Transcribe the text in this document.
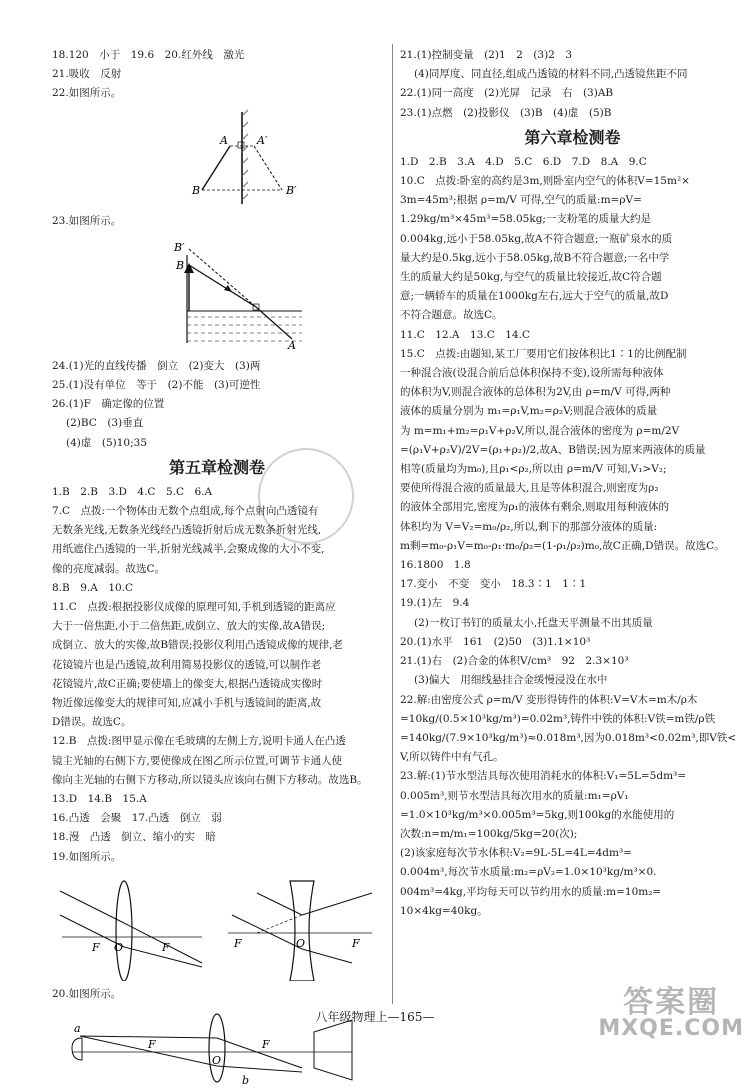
18.120　小于　19.6　20.红外线　激光
21.吸收　反射
22.如图所示。
A	A′
B	B′
23.如图所示。
B′
B
A
24.(1)光的直线传播　倒立　(2)变大　(3)两
25.(1)没有单位　等于　(2)不能　(3)可逆性
26.(1)F　确定像的位置
(2)BC　(3)垂直
(4)虚　(5)10;35
第五章检测卷
1.B　2.B　3.D　4.C　5.C　6.A
7.C　点拨:一个物体由无数个点组成,每个点射向凸透镜有
无数条光线,无数条光线经凸透镜折射后成无数条折射光线,
用纸遮住凸透镜的一半,折射光线减半,会聚成像的大小不变,
像的亮度减弱。故选C。
8.B　9.A　10.C
11.C　点拨:根据投影仪成像的原理可知,手机到透镜的距离应
大于一倍焦距,小于二倍焦距,成倒立、放大的实像,故A错误;
成倒立、放大的实像,故B错误;投影仪利用凸透镜成像的规律,老
花镜镜片也是凸透镜,故利用简易投影仪的透镜,可以制作老
花镜镜片,故C正确;要使墙上的像变大,根据凸透镜成实像时
物近像远像变大的规律可知,应减小手机与透镜间的距离,故
D错误。故选C。
12.B　点拨:图甲显示像在毛玻璃的左侧上方,说明卡通人在凸透
镜主光轴的右侧下方,要使像成在图乙所示位置,可调节卡通人使
像向主光轴的右侧下方移动,所以镜头应该向右侧下方移动。故选B。
13.D　14.B　15.A
16.凸透　会聚　17.凸透　倒立　弱
18.漫　凸透　倒立、缩小的实　暗
19.如图所示。
F O	F	F	O	F
20.如图所示。
a
F
O
F
b
21.(1)控制变量　(2)1　2　(3)2　3
(4)同厚度、同直径,组成凸透镜的材料不同,凸透镜焦距不同
22.(1)同一高度　(2)光屏　记录　右　(3)AB
23.(1)点燃　(2)投影仪　(3)B　(4)虚　(5)B
第六章检测卷
1.D　2.B　3.A　4.D　5.C　6.D　7.D　8.A　9.C
10.C　点拨:卧室的高约是3m,则卧室内空气的体积V=15m²×
3m=45m³;根据 ρ=m/V 可得,空气的质量:m=ρV=
1.29kg/m³×45m³=58.05kg;一支粉笔的质量大约是
0.004kg,远小于58.05kg,故A不符合题意;一瓶矿泉水的质
量大约是0.5kg,远小于58.05kg,故B不符合题意;一名中学
生的质量大约是50kg,与空气的质量比较接近,故C符合题
意;一辆轿车的质量在1000kg左右,远大于空气的质量,故D
不符合题意。故选C。
11.C　12.A　13.C　14.C
15.C　点拨:由题知,某工厂要用它们按体积比1∶1的比例配制
一种混合液(设混合前后总体积保持不变),设所需每种液体
的体积为V,则混合液体的总体积为2V,由 ρ=m/V 可得,两种
液体的质量分别为 m₁=ρ₁V,m₂=ρ₂V;则混合液体的质量
为 m=m₁+m₂=ρ₁V+ρ₂V,所以,混合液体的密度为 ρ=m/2V
=(ρ₁V+ρ₂V)/2V=(ρ₁+ρ₂)/2,故A、B错误;因为原来两液体的质量
相等(质量均为m₀),且ρ₁<ρ₂,所以由 ρ=m/V 可知,V₁>V₂;
要使所得混合液的质量最大,且是等体积混合,则密度为ρ₂
的液体全部用完,密度为ρ₁的液体有剩余,则取用每种液体的
体积均为 V=V₂=m₀/ρ₂,所以,剩下的那部分液体的质量:
m剩=m₀-ρ₁V=m₀-ρ₁·m₀/ρ₂=(1-ρ₁/ρ₂)m₀,故C正确,D错误。故选C。
16.1800　1.8
17.变小　不变　变小　18.3∶1　1∶1
19.(1)左　9.4
(2)一枚订书钉的质量太小,托盘天平测量不出其质量
20.(1)水平　161　(2)50　(3)1.1×10³
21.(1)右　(2)合金的体积V/cm³　92　2.3×10³
(3)偏大　用细线悬挂合金缓慢浸没在水中
22.解:由密度公式 ρ=m/V 变形得铸件的体积:V=V木=m木/ρ木
=10kg/(0.5×10³kg/m³)=0.02m³,铸件中铁的体积:V铁=m铁/ρ铁
=140kg/(7.9×10³kg/m³)≈0.018m³,因为0.018m³<0.02m³,即V铁<
V,所以铸件中有气孔。
23.解:(1)节水型洁具每次使用消耗水的体积:V₁=5L=5dm³=
0.005m³,则节水型洁具每次用水的质量:m₁=ρV₁
=1.0×10³kg/m³×0.005m³=5kg,则100kg的水能使用的
次数:n=m/m₁=100kg/5kg=20(次);
(2)该家庭每次节水体积:V₂=9L-5L=4L=4dm³=
0.004m³,每次节水质量:m₂=ρV₂=1.0×10³kg/m³×0.
004m³=4kg,平均每天可以节约用水的质量:m=10m₂=
10×4kg=40kg。
八年级物理上—165—	答案圈
MXQE.COM
